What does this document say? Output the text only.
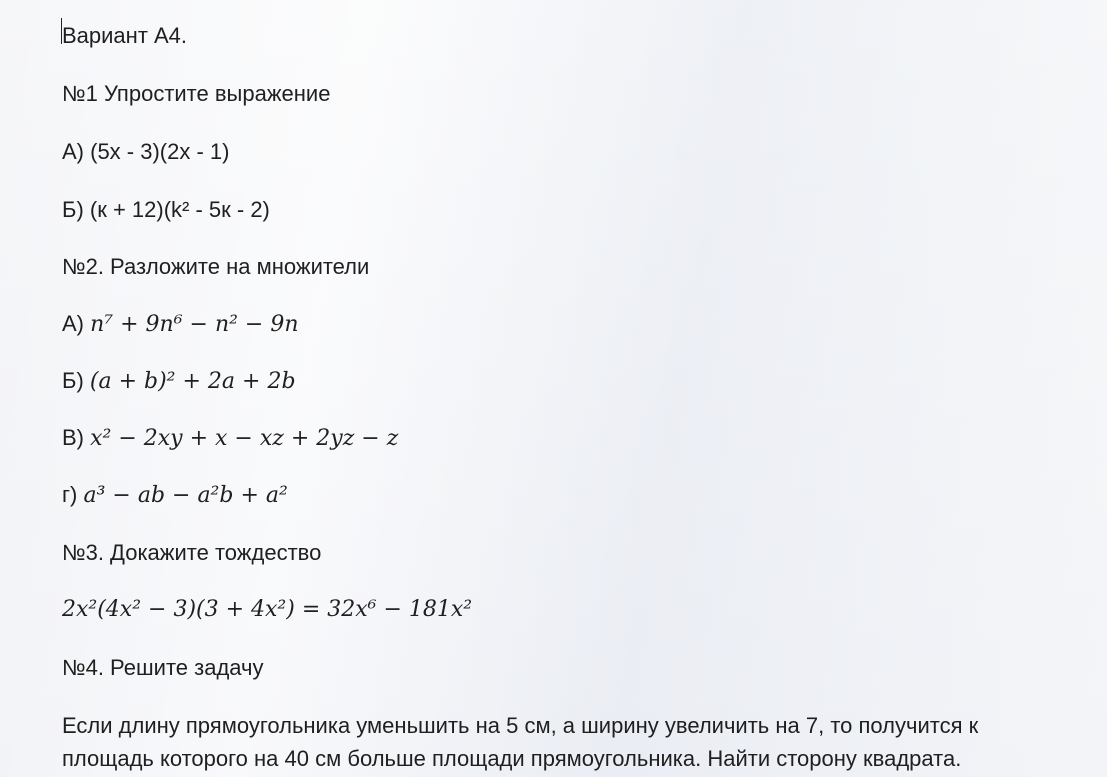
Вариант А4.
№1 Упростите выражение
А) (5х - 3)(2х - 1)
Б) (к + 12)(k² - 5к - 2)
№2. Разложите на множители
А) n⁷ + 9n⁶ − n² − 9n
Б) (a + b)² + 2a + 2b
В) x² − 2xy + x − xz + 2yz − z
г) a³ − ab − a²b + a²
№3. Докажите тождество
2x²(4x² − 3)(3 + 4x²) = 32x⁶ − 181x²
№4. Решите задачу
Если длину прямоугольника уменьшить на 5 см, а ширину увеличить на 7, то получится к
площадь которого на 40 см больше площади прямоугольника. Найти сторону квадрата.
